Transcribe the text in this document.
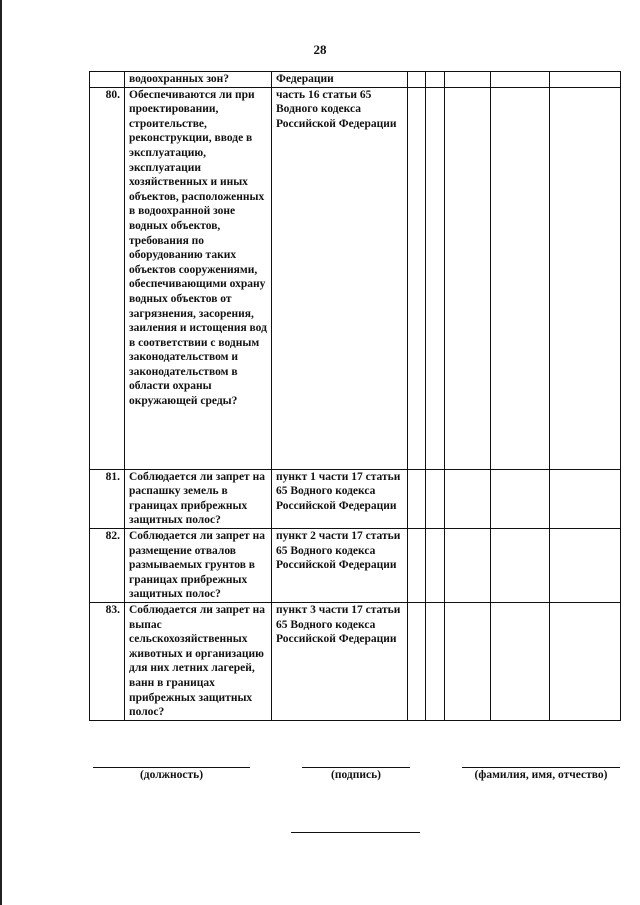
28
	водоохранных зон?	Федерации					
80.	Обеспечиваются ли при проектировании, строительстве, реконструкции, вводе в эксплуатацию, эксплуатации хозяйственных и иных объектов, расположенных в водоохранной зоне водных объектов, требования по оборудованию таких объектов сооружениями, обеспечивающими охрану водных объектов от загрязнения, засорения, заиления и истощения вод в соответствии с водным законодательством и законодательством в области охраны окружающей среды?	часть 16 статьи 65 Водного кодекса Российской Федерации					
81.	Соблюдается ли запрет на распашку земель в границах прибрежных защитных полос?	пункт 1 части 17 статьи 65 Водного кодекса Российской Федерации					
82.	Соблюдается ли запрет на размещение отвалов размываемых грунтов в границах прибрежных защитных полос?	пункт 2 части 17 статьи 65 Водного кодекса Российской Федерации					
83.	Соблюдается ли запрет на выпас сельскохозяйственных животных и организацию для них летних лагерей, ванн в границах прибрежных защитных полос?	пункт 3 части 17 статьи 65 Водного кодекса Российской Федерации					
(должность)	(подпись)	(фамилия, имя, отчество)
